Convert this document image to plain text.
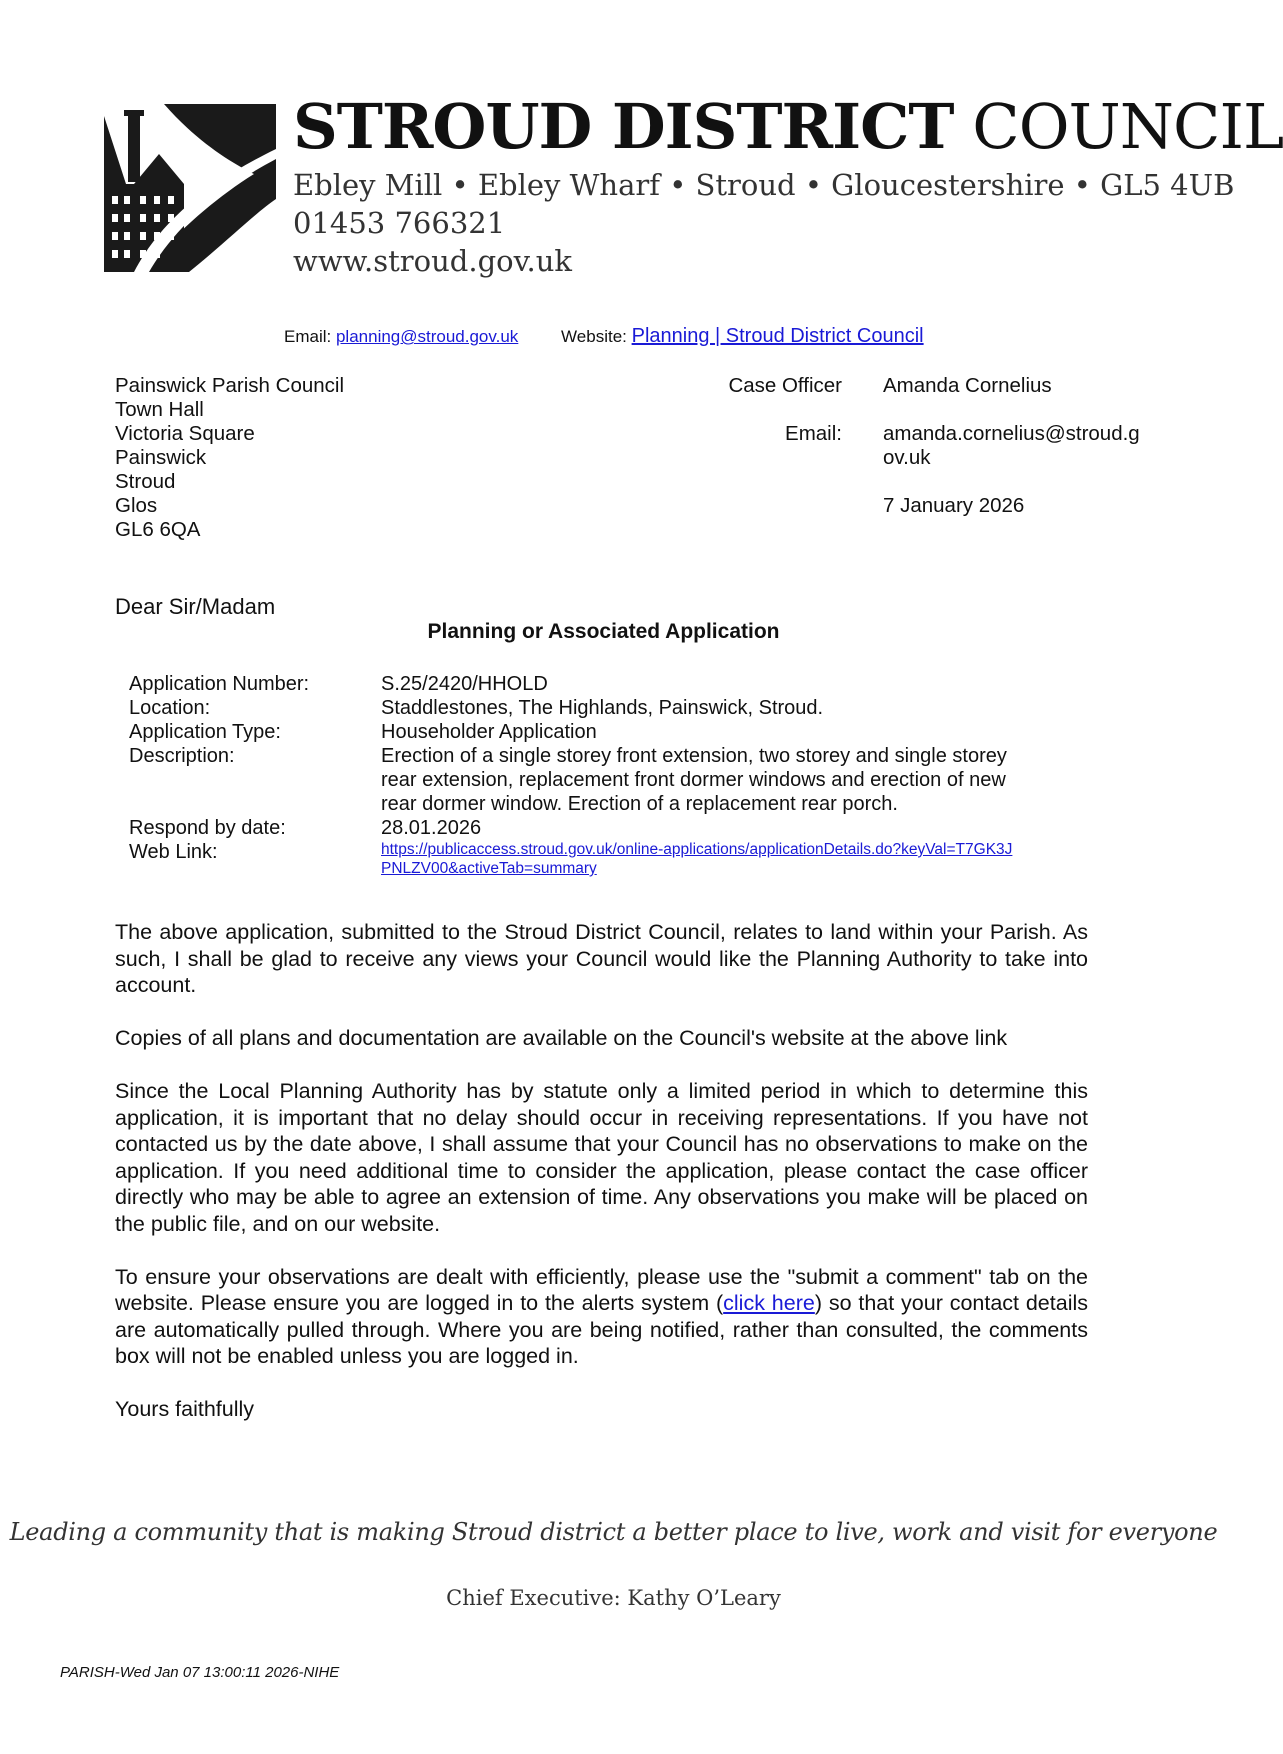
STROUD DISTRICT COUNCIL
Ebley Mill • Ebley Wharf • Stroud • Gloucestershire • GL5 4UB
01453 766321
www.stroud.gov.uk
Email: planning@stroud.gov.uk	Website: Planning | Stroud District Council
Painswick Parish Council
Town Hall
Victoria Square
Painswick
Stroud
Glos
GL6 6QA
Case Officer Amanda Cornelius
Email: amanda.cornelius@stroud.gov.uk
7 January 2026
Dear Sir/Madam
Planning or Associated Application
Application Number:	S.25/2420/HHOLD
Location:	Staddlestones, The Highlands, Painswick, Stroud.
Application Type:	Householder Application
Description:	Erection of a single storey front extension, two storey and single storey rear extension, replacement front dormer windows and erection of new rear dormer window. Erection of a replacement rear porch.
Respond by date:	28.01.2026
Web Link:	https://publicaccess.stroud.gov.uk/online-applications/applicationDetails.do?keyVal=T7GK3JPNLZV00&activeTab=summary

The above application, submitted to the Stroud District Council, relates to land within your Parish. As such, I shall be glad to receive any views your Council would like the Planning Authority to take into account.

Copies of all plans and documentation are available on the Council's website at the above link

Since the Local Planning Authority has by statute only a limited period in which to determine this application, it is important that no delay should occur in receiving representations. If you have not contacted us by the date above, I shall assume that your Council has no observations to make on the application. If you need additional time to consider the application, please contact the case officer directly who may be able to agree an extension of time. Any observations you make will be placed on the public file, and on our website.

To ensure your observations are dealt with efficiently, please use the "submit a comment" tab on the website. Please ensure you are logged in to the alerts system (click here) so that your contact details are automatically pulled through. Where you are being notified, rather than consulted, the comments box will not be enabled unless you are logged in.

Yours faithfully

Leading a community that is making Stroud district a better place to live, work and visit for everyone
Chief Executive: Kathy O’Leary
PARISH-Wed Jan 07 13:00:11 2026-NIHE
